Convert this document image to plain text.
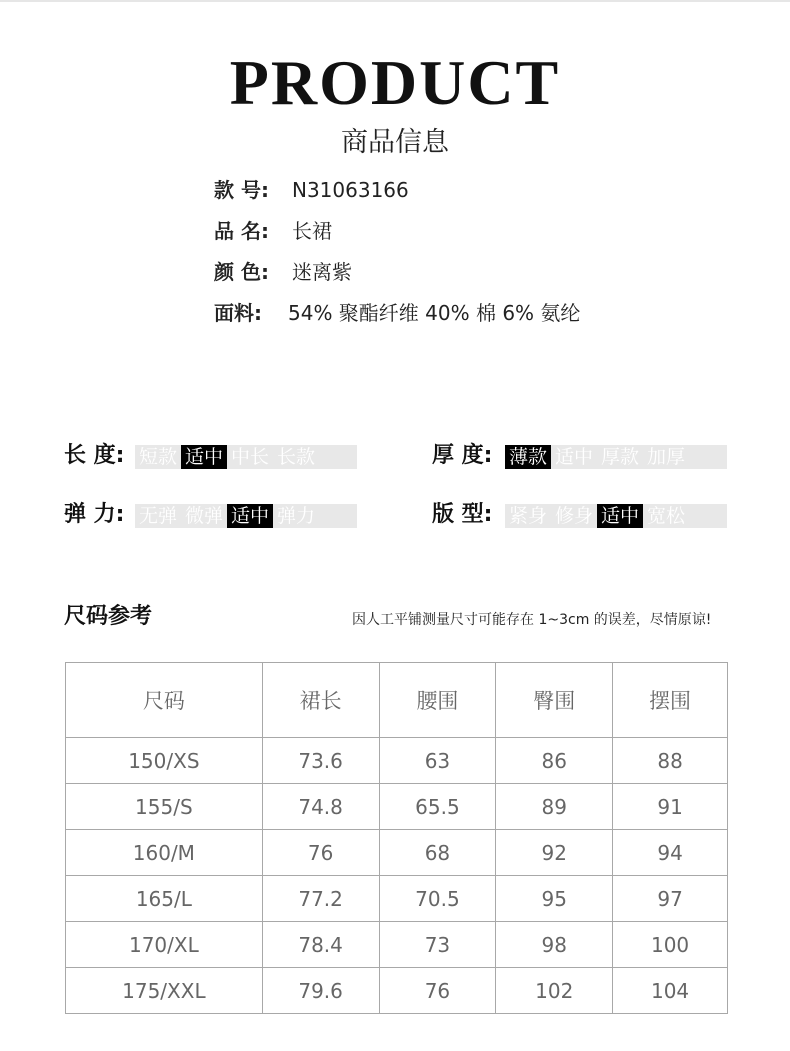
PRODUCT
商品信息
款 号: N31063166
品 名: 长裙
颜 色: 迷离紫
面料: 54% 聚酯纤维 40% 棉 6% 氨纶
长 度: 短款 适中 中长 长款	厚 度: 薄款 适中 厚款 加厚
弹 力: 无弹 微弹 适中 弹力	版 型: 紧身 修身 适中 宽松
尺码参考	因人工平铺测量尺寸可能存在 1~3cm 的误差，尽情原谅!
尺码	裙长	腰围	臀围	摆围
150/XS	73.6	63	86	88
155/S	74.8	65.5	89	91
160/M	76	68	92	94
165/L	77.2	70.5	95	97
170/XL	78.4	73	98	100
175/XXL	79.6	76	102	104
